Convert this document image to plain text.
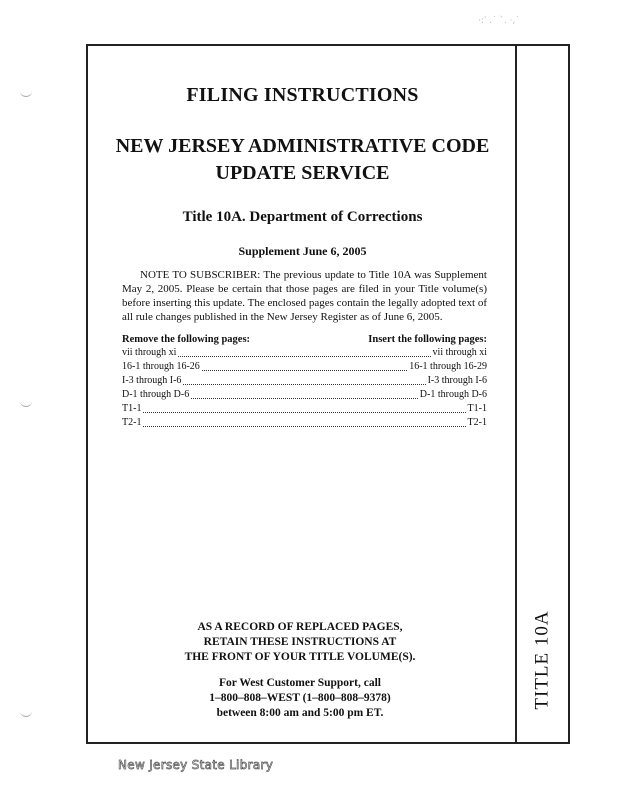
·:ˈ .˙ ˋ. ·,˙
TITLE 10A

FILING INSTRUCTIONS

NEW JERSEY ADMINISTRATIVE CODE

UPDATE SERVICE

Title 10A. Department of Corrections

Supplement June 6, 2005

NOTE TO SUBSCRIBER: The previous update to Title 10A was Supplement May 2, 2005. Please be certain that those pages are filed in your Title volume(s) before inserting this update. The enclosed pages contain the legally adopted text of all rule changes published in the New Jersey Register as of June 6, 2005.

Remove the following pages:	Insert the following pages:
vii through xi	vii through xi
16-1 through 16-26	16-1 through 16-29
I-3 through I-6	I-3 through I-6
D-1 through D-6	D-1 through D-6
T1-1	T1-1
T2-1	T2-1
AS A RECORD OF REPLACED PAGES,
RETAIN THESE INSTRUCTIONS AT
THE FRONT OF YOUR TITLE VOLUME(S).
For West Customer Support, call
1–800–808–WEST (1–800–808–9378)
between 8:00 am and 5:00 pm ET.
New Jersey State Library
